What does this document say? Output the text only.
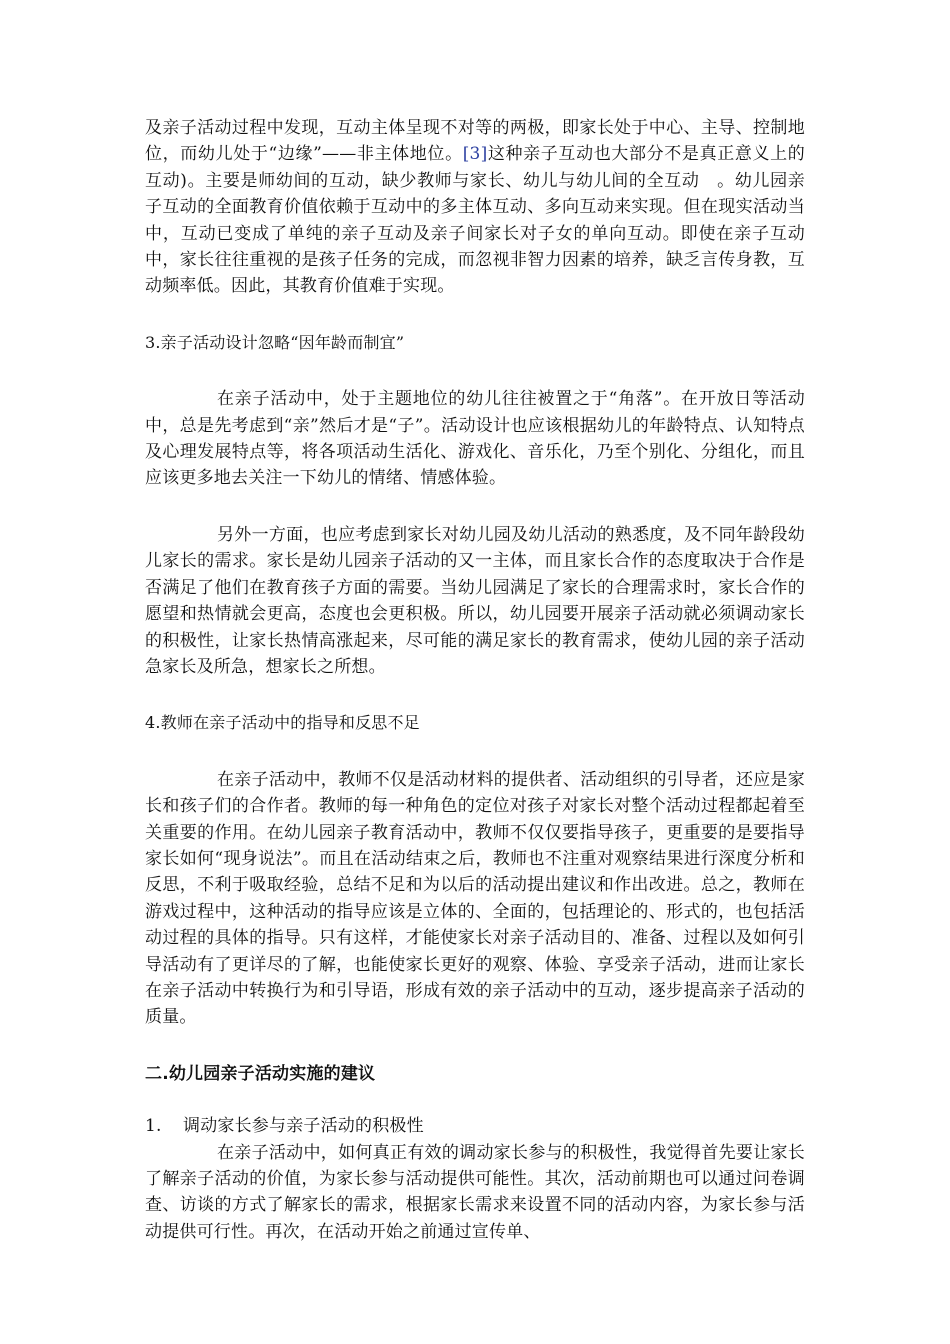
及亲子活动过程中发现，互动主体呈现不对等的两极，即家长处于中心、主导、控制地位，而幼儿处于“边缘”——非主体地位。[3]这种亲子互动也大部分不是真正意义上的互动)。主要是师幼间的互动，缺少教师与家长、幼儿与幼儿间的全互动　。幼儿园亲子互动的全面教育价值依赖于互动中的多主体互动、多向互动来实现。但在现实活动当中，互动已变成了单纯的亲子互动及亲子间家长对子女的单向互动。即使在亲子互动中，家长往往重视的是孩子任务的完成，而忽视非智力因素的培养，缺乏言传身教，互动频率低。因此，其教育价值难于实现。

3.亲子活动设计忽略“因年龄而制宜”

在亲子活动中，处于主题地位的幼儿往往被置之于“角落”。在开放日等活动中，总是先考虑到“亲”然后才是“子”。活动设计也应该根据幼儿的年龄特点、认知特点及心理发展特点等，将各项活动生活化、游戏化、音乐化，乃至个别化、分组化，而且应该更多地去关注一下幼儿的情绪、情感体验。

另外一方面，也应考虑到家长对幼儿园及幼儿活动的熟悉度，及不同年龄段幼儿家长的需求。家长是幼儿园亲子活动的又一主体，而且家长合作的态度取决于合作是否满足了他们在教育孩子方面的需要。当幼儿园满足了家长的合理需求时，家长合作的愿望和热情就会更高，态度也会更积极。所以，幼儿园要开展亲子活动就必须调动家长的积极性，让家长热情高涨起来，尽可能的满足家长的教育需求，使幼儿园的亲子活动急家长及所急，想家长之所想。

4.教师在亲子活动中的指导和反思不足

在亲子活动中，教师不仅是活动材料的提供者、活动组织的引导者，还应是家长和孩子们的合作者。教师的每一种角色的定位对孩子对家长对整个活动过程都起着至关重要的作用。在幼儿园亲子教育活动中，教师不仅仅要指导孩子，更重要的是要指导家长如何“现身说法”。而且在活动结束之后，教师也不注重对观察结果进行深度分析和反思，不利于吸取经验，总结不足和为以后的活动提出建议和作出改进。总之，教师在游戏过程中，这种活动的指导应该是立体的、全面的，包括理论的、形式的，也包括活动过程的具体的指导。只有这样，才能使家长对亲子活动目的、准备、过程以及如何引导活动有了更详尽的了解，也能使家长更好的观察、体验、享受亲子活动，进而让家长在亲子活动中转换行为和引导语，形成有效的亲子活动中的互动，逐步提高亲子活动的质量。

二.幼儿园亲子活动实施的建议

1.	调动家长参与亲子活动的积极性

在亲子活动中，如何真正有效的调动家长参与的积极性，我觉得首先要让家长了解亲子活动的价值，为家长参与活动提供可能性。其次，活动前期也可以通过问卷调查、访谈的方式了解家长的需求，根据家长需求来设置不同的活动内容，为家长参与活动提供可行性。再次，在活动开始之前通过宣传单、
